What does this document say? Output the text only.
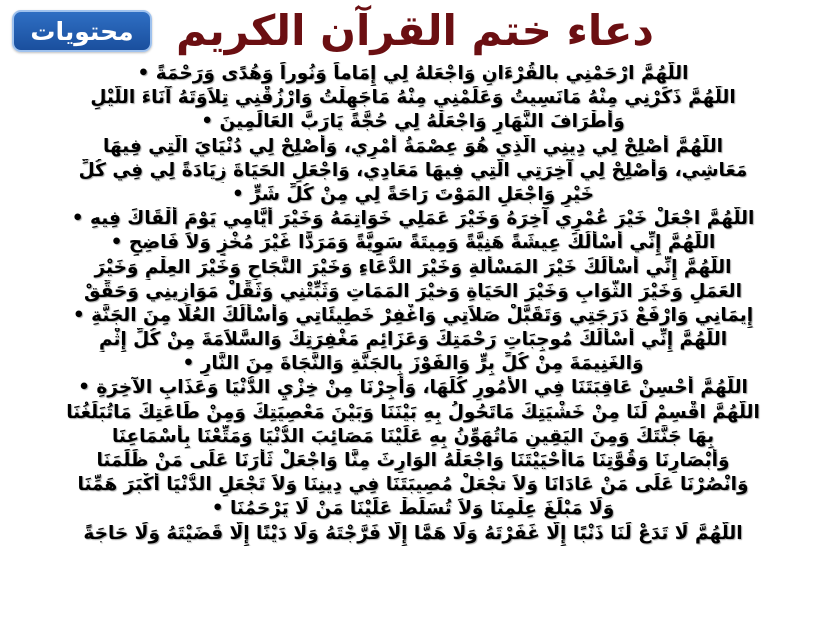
محتويات	دعاء ختم القرآن الكريم
اللَّهُمَّ ارْحَمْنِي بالقُرْءَانِ وَاجْعَلهُ لِي إِمَاماً وَنُوراً وَهُدًى وَرَحْمَةً •
اللَّهُمَّ ذَكِّرْنِي مِنْهُ مَانَسِيتُ وَعَلِّمْنِي مِنْهُ مَاجَهِلْتُ وَارْزُقْنِي تِلاَوَتَهُ آنَاءَ اللَّيْلِ
وَأَطْرَافَ النَّهَارِ وَاجْعَلْهُ لِي حُجَّةً يَارَبَّ العَالَمِينَ •
اللَّهُمَّ أَصْلِحْ لِي دِينِي الَّذِي هُوَ عِصْمَةُ أَمْرِي، وَأَصْلِحْ لِي دُنْيَايَ الَّتِي فِيهَا
مَعَاشِي، وَأَصْلِحْ لِي آخِرَتِي الَّتِي فِيهَا مَعَادِي، وَاجْعَلِ الحَيَاةَ زِيَادَةً لِي فِي كُلِّ
خَيْرٍ وَاجْعَلِ المَوْتَ رَاحَةً لِي مِنْ كُلِّ شَرٍّ •
اللَّهُمَّ اجْعَلْ خَيْرَ عُمْرِي آخِرَهُ وَخَيْرَ عَمَلِي خَوَاتِمَهُ وَخَيْرَ أَيَّامِي يَوْمَ أَلْقَاكَ فِيهِ •
اللَّهُمَّ إِنِّي أَسْأَلُكَ عِيشَةً هَنِيَّةً وَمِيتَةً سَوِيَّةً وَمَرَدًّا غَيْرَ مُخْزٍ وَلاَ فَاضِحٍ •
اللَّهُمَّ إِنِّي أَسْأَلُكَ خَيْرَ المَسْأَلةِ وَخَيْرَ الدُّعَاءِ وَخَيْرَ النَّجَاحِ وَخَيْرَ العِلْمِ وَخَيْرَ
العَمَلِ وَخَيْرَ الثَّوَابِ وَخَيْرَ الحَيَاةِ وَخيْرَ المَمَاتِ وَثَبِّتْنِي وَثَقِّلْ مَوَازِينِي وَحَقِّقْ
إِيمَانِي وَارْفَعْ دَرَجَتِي وَتَقَبَّلْ صَلاَتِي وَاغْفِرْ خَطِيئَاتِي وَأَسْأَلُكَ العُلَا مِنَ الجَنَّةِ •
اللَّهُمَّ إِنِّي أَسْأَلُكَ مُوجِبَاتِ رَحْمَتِكَ وَعَزَائِمِ مَغْفِرَتِكَ وَالسَّلاَمَةَ مِنْ كُلِّ إِثْمٍ
وَالغَنِيمَةَ مِنْ كُلِّ بِرٍّ وَالفَوْزَ بِالجَنَّةِ وَالنَّجَاةَ مِنَ النَّارِ •
اللَّهُمَّ أَحْسِنْ عَاقِبَتَنَا فِي الأُمُورِ كُلِّهَا، وَأجِرْنَا مِنْ خِزْيِ الدُّنْيَا وَعَذَابِ الآخِرَةِ •
اللَّهُمَّ اقْسِمْ لَنَا مِنْ خَشْيَتِكَ مَاتَحُولُ بِهِ بَيْنَنَا وَبَيْنَ مَعْصِيَتِكَ وَمِنْ طَاعَتِكَ مَاتُبَلِّغُنَا
بِهَا جَنَّتَكَ وَمِنَ اليَقِينِ مَاتُهَوِّنُ بِهِ عَلَيْنَا مَصَائِبَ الدُّنْيَا وَمَتِّعْنَا بِأَسْمَاعِنَا
وَأَبْصَارِنَا وَقُوَّتِنَا مَاأَحْيَيْتَنَا وَاجْعَلْهُ الوَارِثَ مِنَّا وَاجْعَلْ ثَأْرَنَا عَلَى مَنْ ظَلَمَنَا
وَانْصُرْنَا عَلَى مَنْ عَادَانَا وَلاَ تجْعَلْ مُصِيبَتَنَا فِي دِينِنَا وَلاَ تَجْعَلِ الدُّنْيَا أَكْبَرَ هَمِّنَا
وَلَا مَبْلَغَ عِلْمِنَا وَلاَ تُسَلِّطْ عَلَيْنَا مَنْ لَا يَرْحَمُنَا •
اللَّهُمَّ لَا تَدَعْ لَنَا ذَنْبًا إِلَّا غَفَرْتَهُ وَلَا هَمَّا إِلَّا فَرَّجْتَهُ وَلَا دَيْنًا إِلَّا قَضَيْتَهُ وَلَا حَاجَةً
